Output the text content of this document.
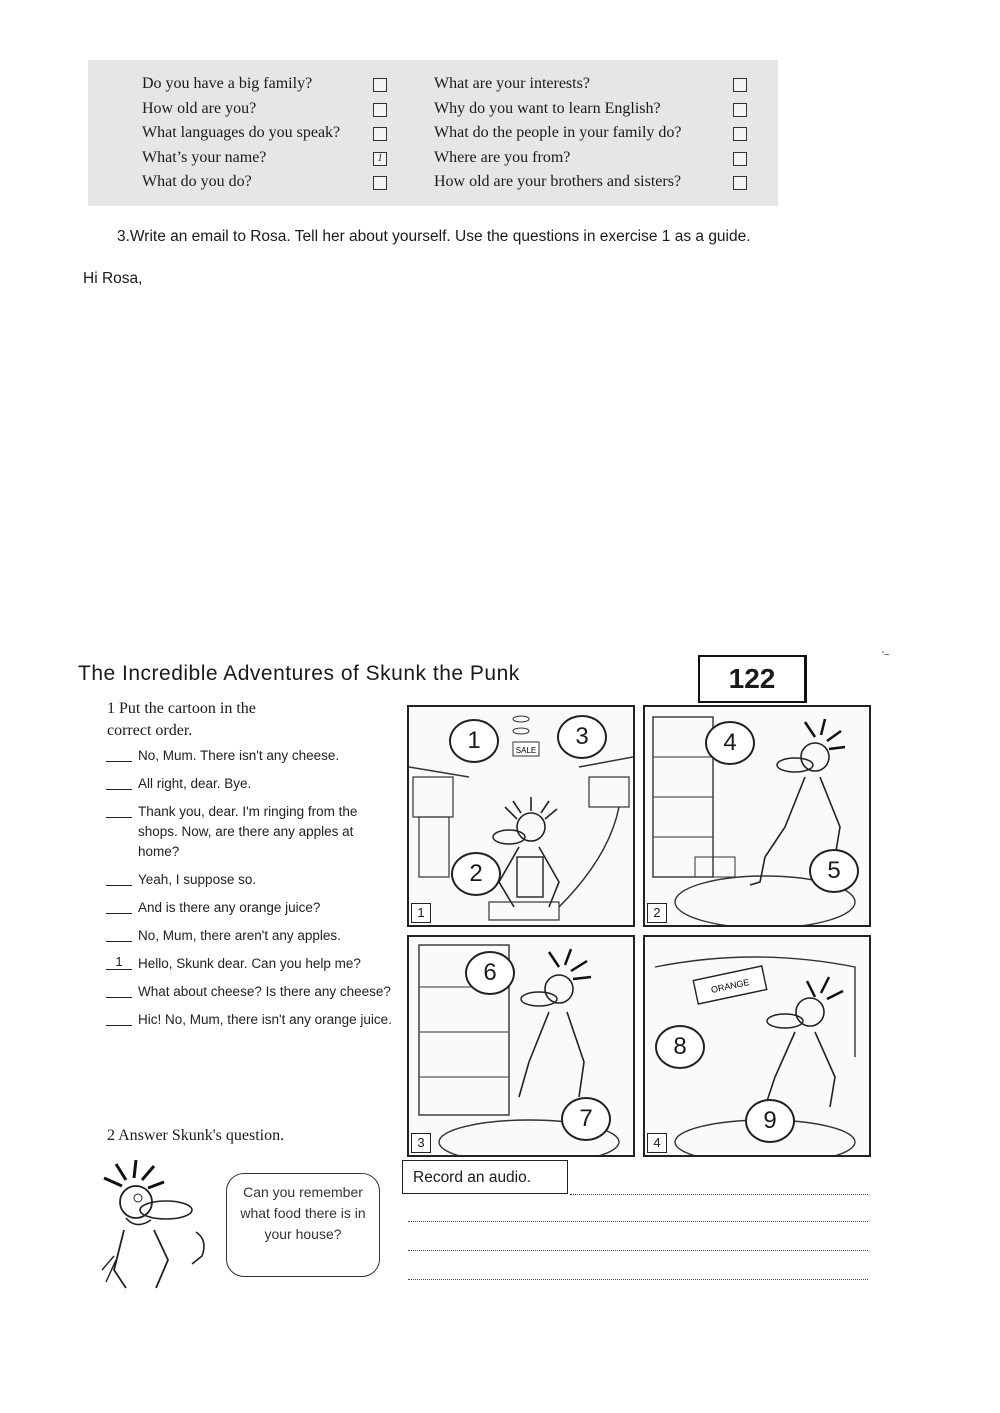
Do you have a big family?
How old are you?
What languages do you speak?
What’s your name?	1
What do you do?
What are your interests?
Why do you want to learn English?
What do the people in your family do?
Where are you from?
How old are your brothers and sisters?
3.Write an email to Rosa. Tell her about yourself. Use the questions in exercise 1 as a guide.
Hi Rosa,
The Incredible Adventures of Skunk the Punk	122
'~
1 Put the cartoon in the correct order.
No, Mum. There isn't any cheese.
All right, dear. Bye.
Thank you, dear. I'm ringing from the shops. Now, are there any apples at home?
Yeah, I suppose so.
And is there any orange juice?
No, Mum, there aren't any apples.
1	Hello, Skunk dear. Can you help me?
What about cheese? Is there any cheese?
Hic! No, Mum, there isn't any orange juice.
2 Answer Skunk's question.
SALE
1	3
2
1
4
5
2
6
7
3
ORANGE
8
9
4
Record an audio.
Can you remember what food there is in your house?
